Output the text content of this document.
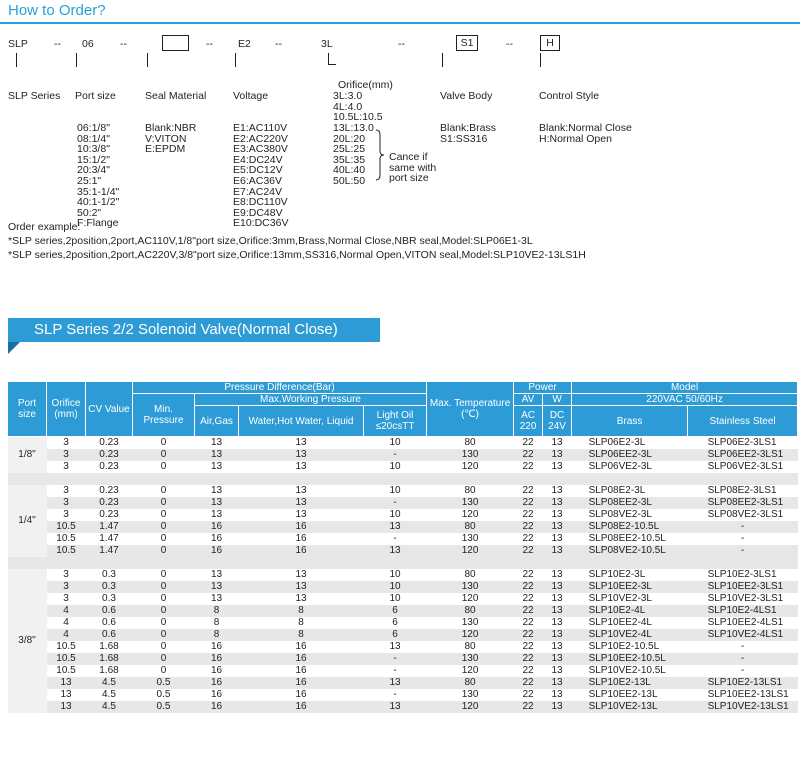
How to Order?
SLP -- 06	--	-- E2 --	3L	--	S1	--	H

SLP Series

Port size

06:1/8"
08:1/4"
10:3/8"
15:1/2"
20:3/4"
25:1"
35:1-1/4"
40:1-1/2"
50:2"
F:Flange

Seal Material

Blank:NBR
V:VITON
E:EPDM

Voltage

E1:AC110V
E2:AC220V
E3:AC380V
E4:DC24V
E5:DC12V
E6:AC36V
E7:AC24V
E8:DC110V
E9:DC48V
E10:DC36V

Orifice(mm)

3L:3.0
4L:4.0
10.5L:10.5
13L:13.0
20L:20
25L:25
35L:35
40L:40
50L:50

Cance if
same with
port size

Valve Body

Blank:Brass
S1:SS316

Control Style

Blank:Normal Close
H:Normal Open

Order example:
*SLP series,2position,2port,AC110V,1/8"port size,Orifice:3mm,Brass,Normal Close,NBR seal,Model:SLP06E1-3L
*SLP series,2position,2port,AC220V,3/8"port size,Orifice:13mm,SS316,Normal Open,VITON seal,Model:SLP10VE2-13LS1H
SLP Series 2/2 Solenoid Valve(Normal Close)
Port size	Orifice (mm)	CV Value	Pressure Difference(Bar)				Max. Temperature (℃)	Power		Model	
			Min. Pressure	Max.Working Pressure				AV	W	220VAC 50/60Hz	
				Air,Gas	Water,Hot Water, Liquid	Light Oil ≤20csTT		AC 220	DC 24V	Brass	Stainless Steel

1/8"	3	0.23	0	13	13	10	80	22	13	SLP06E2-3L	SLP06E2-3LS1
	3	0.23	0	13	13	-	130	22	13	SLP06EE2-3L	SLP06EE2-3LS1
	3	0.23	0	13	13	10	120	22	13	SLP06VE2-3L	SLP06VE2-3LS1

1/4"	3	0.23	0	13	13	10	80	22	13	SLP08E2-3L	SLP08E2-3LS1
	3	0.23	0	13	13	-	130	22	13	SLP08EE2-3L	SLP08EE2-3LS1
	3	0.23	0	13	13	10	120	22	13	SLP08VE2-3L	SLP08VE2-3LS1
	10.5	1.47	0	16	16	13	80	22	13	SLP08E2-10.5L	-
	10.5	1.47	0	16	16	-	130	22	13	SLP08EE2-10.5L	-
	10.5	1.47	0	16	16	13	120	22	13	SLP08VE2-10.5L	-

3/8"	3	0.3	0	13	13	10	80	22	13	SLP10E2-3L	SLP10E2-3LS1
	3	0.3	0	13	13	10	130	22	13	SLP10EE2-3L	SLP10EE2-3LS1
	3	0.3	0	13	13	10	120	22	13	SLP10VE2-3L	SLP10VE2-3LS1
	4	0.6	0	8	8	6	80	22	13	SLP10E2-4L	SLP10E2-4LS1
	4	0.6	0	8	8	6	130	22	13	SLP10EE2-4L	SLP10EE2-4LS1
	4	0.6	0	8	8	6	120	22	13	SLP10VE2-4L	SLP10VE2-4LS1
	10.5	1.68	0	16	16	13	80	22	13	SLP10E2-10.5L	-
	10.5	1.68	0	16	16	-	130	22	13	SLP10EE2-10.5L	-
	10.5	1.68	0	16	16	-	120	22	13	SLP10VE2-10.5L	-
	13	4.5	0.5	16	16	13	80	22	13	SLP10E2-13L	SLP10E2-13LS1
	13	4.5	0.5	16	16	-	130	22	13	SLP10EE2-13L	SLP10EE2-13LS1
	13	4.5	0.5	16	16	13	120	22	13	SLP10VE2-13L	SLP10VE2-13LS1
